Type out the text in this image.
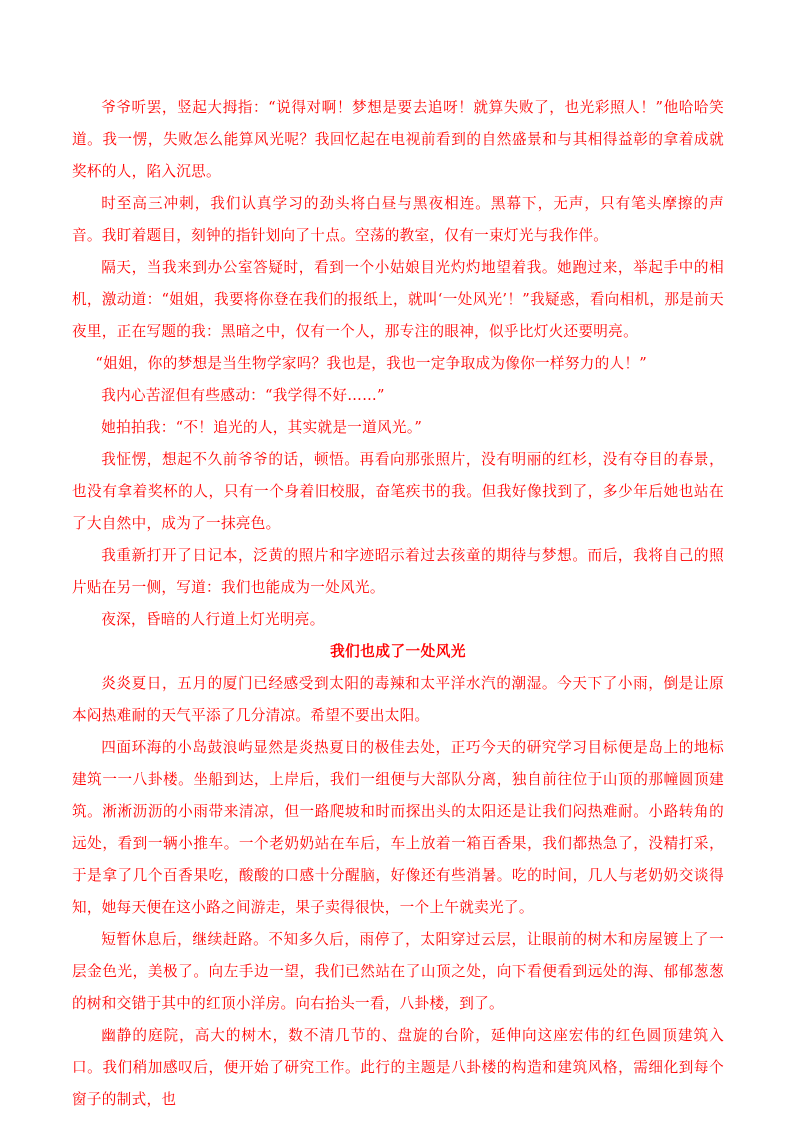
爷爷听罢，竖起大拇指：“说得对啊！梦想是要去追呀！就算失败了，也光彩照人！”他哈哈笑道。我一愣，失败怎么能算风光呢？我回忆起在电视前看到的自然盛景和与其相得益彰的拿着成就奖杯的人，陷入沉思。

时至高三冲刺，我们认真学习的劲头将白昼与黑夜相连。黑幕下，无声，只有笔头摩擦的声音。我盯着题目，刻钟的指针划向了十点。空荡的教室，仅有一束灯光与我作伴。

隔天，当我来到办公室答疑时，看到一个小姑娘目光灼灼地望着我。她跑过来，举起手中的相机，激动道：“姐姐，我要将你登在我们的报纸上，就叫‘一处风光’！”我疑惑，看向相机，那是前天夜里，正在写题的我：黑暗之中，仅有一个人，那专注的眼神，似乎比灯火还要明亮。

“姐姐，你的梦想是当生物学家吗？我也是，我也一定争取成为像你一样努力的人！”

我内心苦涩但有些感动：“我学得不好……”

她拍拍我：“不！追光的人，其实就是一道风光。”

我怔愣，想起不久前爷爷的话，顿悟。再看向那张照片，没有明丽的红杉，没有夺目的春景，也没有拿着奖杯的人，只有一个身着旧校服，奋笔疾书的我。但我好像找到了，多少年后她也站在了大自然中，成为了一抹亮色。

我重新打开了日记本，泛黄的照片和字迹昭示着过去孩童的期待与梦想。而后，我将自己的照片贴在另一侧，写道：我们也能成为一处风光。

夜深，昏暗的人行道上灯光明亮。

我们也成了一处风光

炎炎夏日，五月的厦门已经感受到太阳的毒辣和太平洋水汽的潮湿。今天下了小雨，倒是让原本闷热难耐的天气平添了几分清凉。希望不要出太阳。

四面环海的小岛鼓浪屿显然是炎热夏日的极佳去处，正巧今天的研究学习目标便是岛上的地标建筑一一八卦楼。坐船到达，上岸后，我们一组便与大部队分离，独自前往位于山顶的那幢圆顶建筑。淅淅沥沥的小雨带来清凉，但一路爬坡和时而探出头的太阳还是让我们闷热难耐。小路转角的远处，看到一辆小推车。一个老奶奶站在车后，车上放着一箱百香果，我们都热急了，没精打采，于是拿了几个百香果吃，酸酸的口感十分醒脑，好像还有些消暑。吃的时间，几人与老奶奶交谈得知，她每天便在这小路之间游走，果子卖得很快，一个上午就卖光了。

短暂休息后，继续赶路。不知多久后，雨停了，太阳穿过云层，让眼前的树木和房屋镀上了一层金色光，美极了。向左手边一望，我们已然站在了山顶之处，向下看便看到远处的海、郁郁葱葱的树和交错于其中的红顶小洋房。向右抬头一看，八卦楼，到了。

幽静的庭院，高大的树木，数不清几节的、盘旋的台阶，延伸向这座宏伟的红色圆顶建筑入口。我们稍加感叹后，便开始了研究工作。此行的主题是八卦楼的构造和建筑风格，需细化到每个窗子的制式，也
